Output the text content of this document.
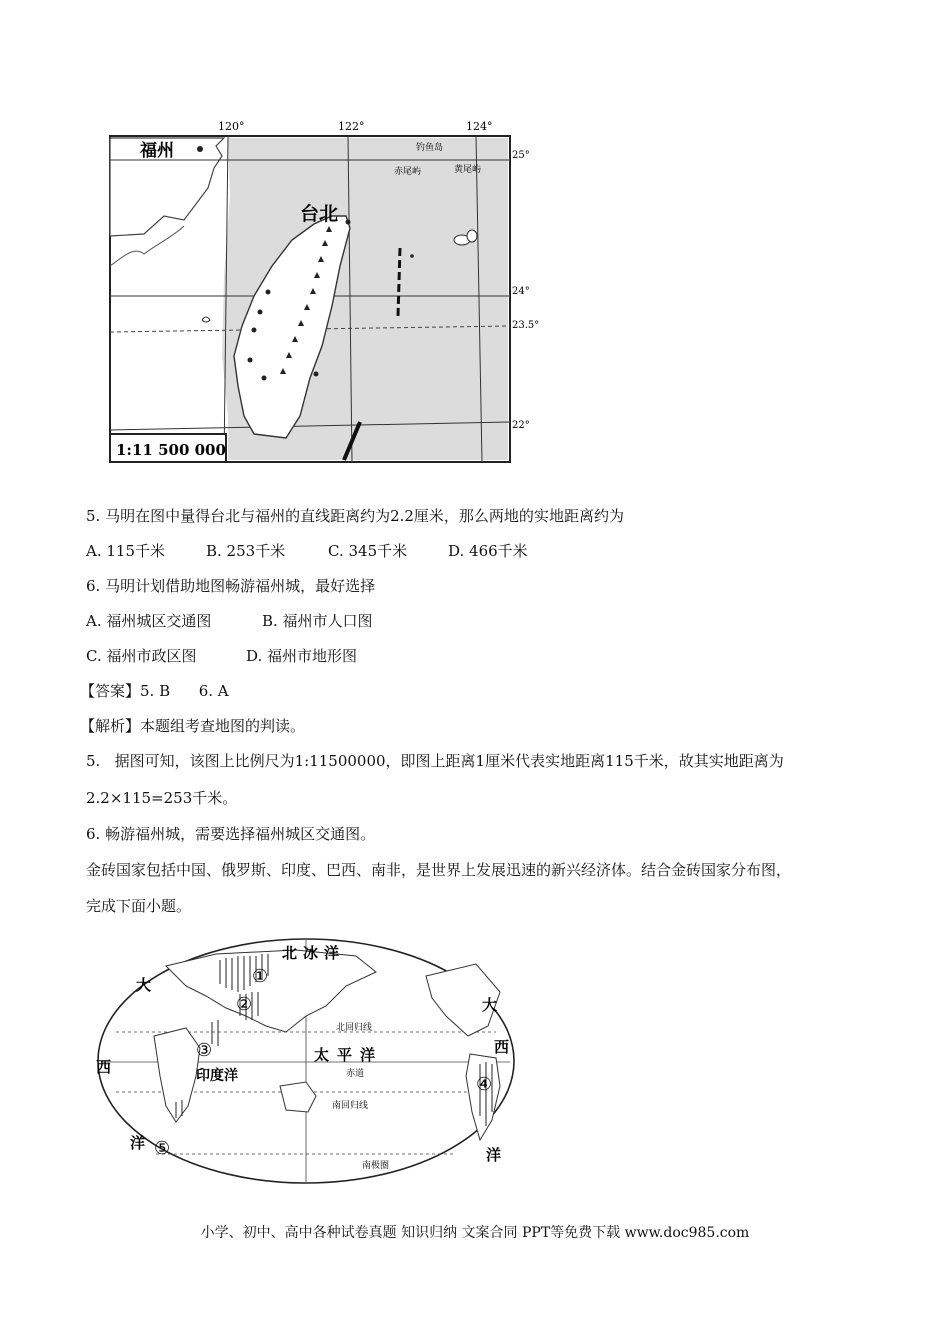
120°	122°	124°
25°
24°
23.5°
22°
福州
台北
钓鱼岛
赤尾屿	黄尾屿
1:11 500 000
5. 马明在图中量得台北与福州的直线距离约为2.2厘米，那么两地的实地距离约为
A. 115千米	B. 253千米	C. 345千米	D. 466千米
6. 马明计划借助地图畅游福州城，最好选择
A. 福州城区交通图	B. 福州市人口图
C. 福州市政区图	D. 福州市地形图
【答案】5. B      6. A
【解析】本题组考查地图的判读。
5.   据图可知，该图上比例尺为1:11500000，即图上距离1厘米代表实地距离115千米，故其实地距离为
2.2×115=253千米。
6. 畅游福州城，需要选择福州城区交通图。
金砖国家包括中国、俄罗斯、印度、巴西、南非，是世界上发展迅速的新兴经济体。结合金砖国家分布图，
完成下面小题。
北冰洋
太平洋
印度洋
大
大
西
西
洋
洋
北回归线
赤道
南回归线
南极圈
①
②
③
④
⑤
小学、初中、高中各种试卷真题 知识归纳 文案合同 PPT等免费下载 www.doc985.com
